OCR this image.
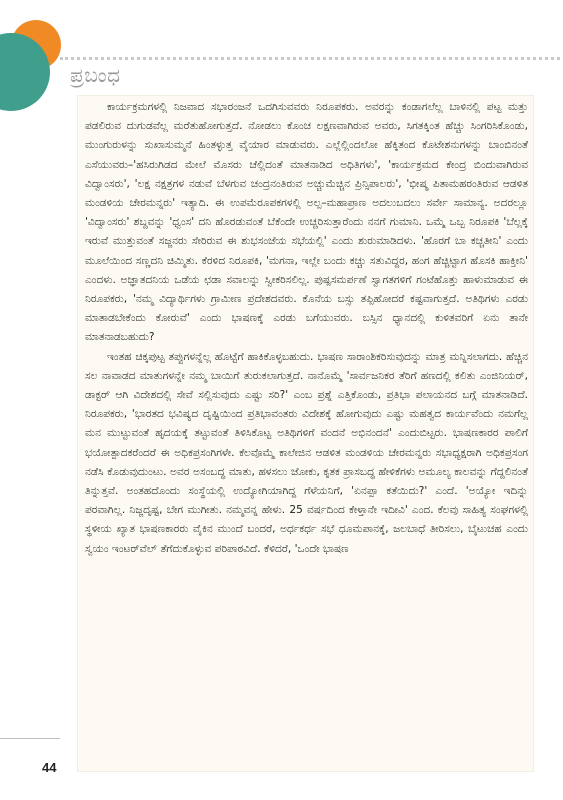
ಪ್ರಬಂಧ

ಕಾರ್ಯಕ್ರಮಗಳಲ್ಲಿ ನಿಜವಾದ ಸಭಾರಂಜನೆ ಒದಗಿಸುವವರು ನಿರೂಪಕರು. ಅವರನ್ನು ಕಂಡಾಗಲೆಲ್ಲ ಬಾಳಿನಲ್ಲಿ ಪಟ್ಟ ಮತ್ತು ಪಡಲಿರುವ ದುಗುಡವೆಲ್ಲ ಮರೆತುಹೋಗುತ್ತದೆ. ನೋಡಲು ಕೊಂಚ ಲಕ್ಷಣವಾಗಿರುವ ಅವರು, ಸಿಗತಕ್ಕಿಂತ ಹೆಚ್ಚು ಸಿಂಗರಿಸಿಕೊಂಡು, ಮುಂಗುರುಳನ್ನು ಸುಖಾಸುಮ್ಮನೆ ಹಿಂತಳ್ಳುತ್ತ ವೈಯಾರ ಮಾಡುವರು. ಎಲ್ಲೆಲ್ಲಿಂದಲೋ ಹೆಕ್ಕಿತಂದ ಕೊಟೇಶನುಗಳನ್ನು ಬಾಂಬಿನಂತೆ ಎಸೆಯುವರು–'ಹಸಿರುಗಿಡದ ಮೇಲೆ ಮೊಸರು ಚೆಲ್ಲಿದಂತೆ ಮಾತನಾಡಿದ ಅಧಿತಿಗಳು', 'ಕಾರ್ಯಕ್ರಮದ ಕೇಂದ್ರ ಬಿಂದುವಾಗಿರುವ ವಿದ್ವಾಂಸರು', 'ಲಕ್ಷ ನಕ್ಷತ್ರಗಳ ನಡುವೆ ಬೆಳಗುವ ಚಂದ್ರನಂತಿರುವ ಅಚ್ಚುಮೆಚ್ಚಿನ ಪ್ರಿನ್ಸಿಪಾಲರು', 'ಭೀಷ್ಮ ಪಿತಾಮಹರಂತಿರುವ ಆಡಳಿತ ಮಂಡಳಿಯ ಚೇರಮನ್ನರು' ಇತ್ಯಾದಿ. ಈ ಉಪಮೆರೂಪಕಗಳಲ್ಲಿ ಅಲ್ಪ–ಮಹಾಪ್ರಾಣ ಅದಲುಬದಲು ಸರ್ವೇ ಸಾಮಾನ್ಯ. ಅದರಲ್ಲೂ 'ವಿದ್ವಾಂಸರು' ಶಬ್ದವನ್ನು 'ಧ್ವಂಸ' ದನಿ ಹೊರಡುವಂತೆ ಬೆಕೆಂದೇ ಉಚ್ಚರಿಸುತ್ತಾರೆಂದು ನನಗೆ ಗುಮಾನಿ. ಒಮ್ಮೆ ಒಬ್ಬ ನಿರೂಪಕಿ 'ಬೆಲ್ಲಕ್ಕೆ ಇರುವೆ ಮುತ್ತುವಂತೆ ಸಜ್ಜನರು ಸೇರಿರುವ ಈ ಶುಭಸಂಜೆಯ ಸಭೆಯಲ್ಲಿ' ಎಂದು ಶುರುಮಾಡಿದಳು. 'ಹೊರಗೆ ಬಾ ಕಚ್ಚತೀನಿ' ಎಂದು ಮೂಲೆಯಿಂದ ಸಣ್ಣದನಿ ಚಿಮ್ಮಿತು. ಕೆರಳಿದ ನಿರೂಪಕಿ, 'ಮಗನಾ, ಇಲ್ಲೇ ಬಂದು ಕಚ್ಚು ಸತುವಿದ್ದರ, ಹಂಗ ಹೆಚ್ಚಿಟ್ಟಾಗ ಹೊಸಕಿ ಹಾಕ್ತೀನಿ' ಎಂದಳು. ಅಜ್ಞಾತದನಿಯ ಒಡೆಯ ಛಡಾ ಸವಾಲನ್ನು ಸ್ವೀಕರಿಸಲಿಲ್ಲ. ಪುಷ್ಪಸಮರ್ಪಣೆ ಸ್ವಾಗತಗಳಿಗೆ ಗಂಟೆಹೊತ್ತು ಹಾಳುಮಾಡುವ ಈ ನಿರೂಪಕರು, 'ನಮ್ಮ ವಿದ್ಯಾರ್ಥಿಗಳು ಗ್ರಾಮೀಣ ಪ್ರದೇಶದವರು. ಕೊನೆಯ ಬಸ್ಸು ತಪ್ಪಿಹೋದರೆ ಕಷ್ಟವಾಗುತ್ತದೆ. ಅತಿಥಿಗಳು ಎರಡು ಮಾತಾಡಬೇಕೆಂದು ಕೋರುವೆ' ಎಂದು ಭಾಷಣಕ್ಕೆ ಎರಡು ಬಗೆಯುವರು. ಬಸ್ಸಿನ ಧ್ಯಾನದಲ್ಲಿ ಕುಳಿತವರಿಗೆ ಏನು ತಾನೇ ಮಾತನಾಡಬಹುದು?

ಇಂತಹ ಚಿಕ್ಕಪುಟ್ಟ ತಪ್ಪುಗಳನ್ನೆಲ್ಲ ಹೊಟ್ಟೆಗೆ ಹಾಕಿಕೊಳ್ಳಬಹುದು. ಭಾಷಣ ಸಾರಾಂಶಿಕರಿಸುವುದನ್ನು ಮಾತ್ರ ಮನ್ನಿಸಲಾಗದು. ಹೆಚ್ಚಿನ ಸಲ ನಾವಾಡದ ಮಾತುಗಳನ್ನೇ ನಮ್ಮ ಬಾಯಿಗೆ ತುರುಕಲಾಗುತ್ತದೆ. ನಾನೊಮ್ಮೆ 'ಸಾರ್ವಜನಿಕರ ತೆರಿಗೆ ಹಣದಲ್ಲಿ ಕಲಿತು ಎಂಜಿನಿಯರ್, ಡಾಕ್ಟರ್ ಆಗಿ ವಿದೇಶದಲ್ಲಿ ಸೇವೆ ಸಲ್ಲಿಸುವುದು ಎಷ್ಟು ಸರಿ?' ಎಂಬ ಪ್ರಶ್ನೆ ಎತ್ತಿಕೊಂಡು, ಪ್ರತಿಭಾ ಪಲಾಯನದ ಬಗ್ಗೆ ಮಾತನಾಡಿದೆ. ನಿರೂಪಕರು, 'ಭಾರತದ ಭವಿಷ್ಯದ ದೃಷ್ಟಿಯಿಂದ ಪ್ರತಿಭಾವಂತರು ವಿದೇಶಕ್ಕೆ ಹೋಗುವುದು ಎಷ್ಟು ಮಹತ್ವದ ಕಾರ್ಯವೆಂದು ನಮಗೆಲ್ಲ ಮನ ಮುಟ್ಟುವಂತೆ ಹೃದಯಕ್ಕೆ ತಟ್ಟುವಂತೆ ತಿಳಿಸಿಕೊಟ್ಟ ಅತಿಥಿಗಳಿಗೆ ವಂದನೆ ಅಭಿನಂದನೆ' ಎಂದುಬಿಟ್ಟರು. ಭಾಷಣಕಾರರ ಪಾಲಿಗೆ ಭಯೋತ್ಪಾದಕರೆಂದರೆ ಈ ಅಧಿಕಪ್ರಸಂಗಿಗಳೇ. ಕೆಲವೊಮ್ಮೆ ಕಾಲೇಜಿನ ಆಡಳಿತ ಮಂಡಳಿಯ ಚೇರಮನ್ನರು ಸಭಾಧ್ಯಕ್ಷರಾಗಿ ಅಧಿಕಪ್ರಸಂಗ ನಡೆಸಿ ಕೊಡುವುದುಂಟು. ಅವರ ಅಸಂಬದ್ಧ ಮಾತು, ಹಳಸಲು ಜೋಕು, ಕೃತಕ ಪ್ರಾಸಬದ್ಧ ಹೇಳಿಕೆಗಳು ಅಮೂಲ್ಯ ಕಾಲವನ್ನು ಗೆದ್ದಲಿನಂತೆ ತಿನ್ನುತ್ತವೆ. ಅಂತಹದೊಂದು ಸಂಸ್ಥೆಯಲ್ಲಿ ಉದ್ಯೋಗಿಯಾಗಿದ್ದ ಗೆಳೆಯನಿಗೆ, 'ಏನಪ್ಪಾ ಕತೆಯಿದು?' ಎಂದೆ. 'ಅಯ್ಯೋ ಇದಿನ್ನು ಪರವಾಗಿಲ್ಲ. ನಿಜ್ಜದೃಷ್ಟ, ಬೇಗ ಮುಗೀತು. ನಮ್ಮವನ್ನ ಹೇಳು. 25 ವರ್ಷದಿಂದ ಕೇಳ್ತಾನೇ ಇದೀವಿ' ಎಂದ. ಕೆಲವು ಸಾಹಿತ್ಯ ಸಂಘಗಳಲ್ಲಿ ಸ್ಥಳೀಯ ಖ್ಯಾತ ಭಾಷಣಕಾರರು ವೈಕಿನ ಮುಂದೆ ಬಂದರೆ, ಅರ್ಧಕರ್ಧ ಸಭೆ ಧೂಮಪಾನಕ್ಕೆ, ಜಲಬಾಧೆ ತೀರಿಸಲು, ಬೈಟುಚಹ ಎಂದು ಸ್ವಯಂ ಇಂಟರ್‌ವೆಲ್ ತೆಗೆದುಕೊಳ್ಳುವ ಪರಿಪಾಠವಿದೆ. ಕೆಳಿದರೆ, 'ಒಂದೇ ಭಾಷಣ

44
